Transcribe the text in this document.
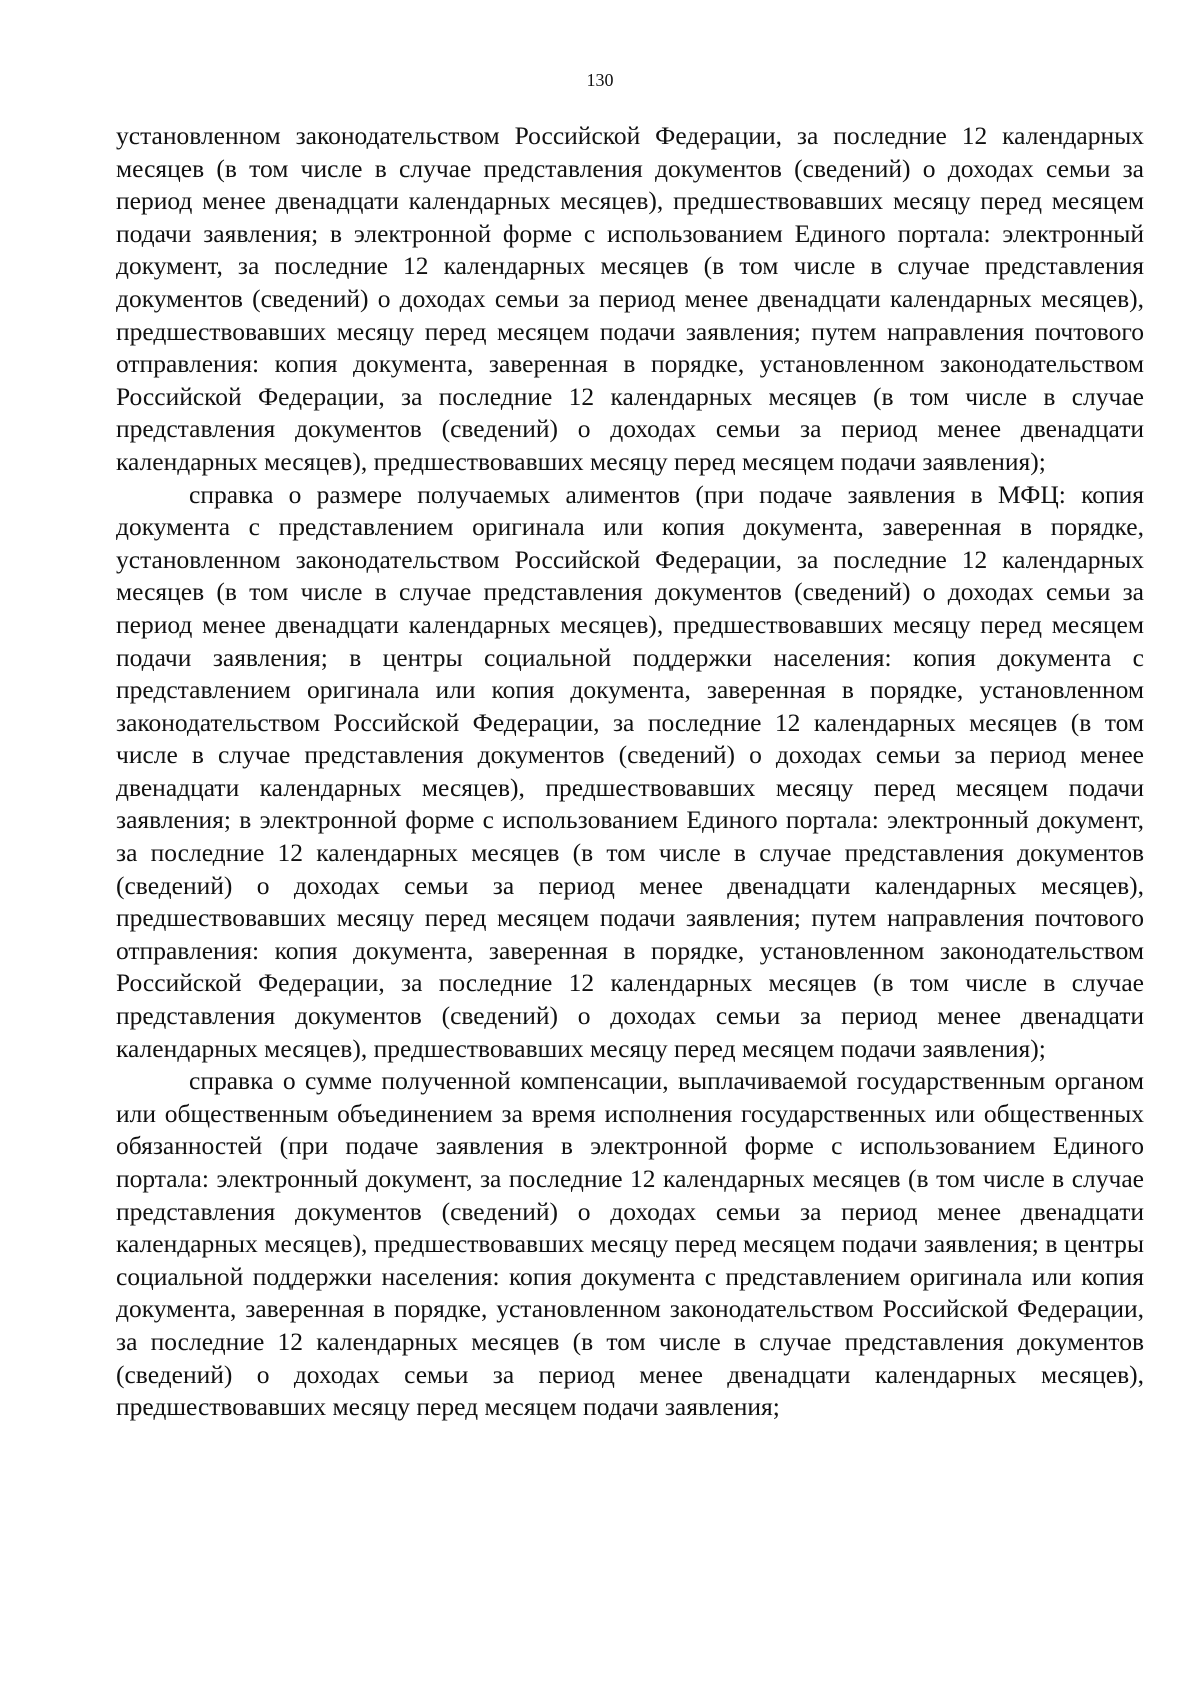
130

установленном законодательством Российской Федерации, за последние 12 календарных месяцев (в том числе в случае представления документов (сведений) о доходах семьи за период менее двенадцати календарных месяцев), предшествовавших месяцу перед месяцем подачи заявления; в электронной форме с использованием Единого портала: электронный документ, за последние 12 календарных месяцев (в том числе в случае представления документов (сведений) о доходах семьи за период менее двенадцати календарных месяцев), предшествовавших месяцу перед месяцем подачи заявления; путем направления почтового отправления: копия документа, заверенная в порядке, установленном законодательством Российской Федерации, за последние 12 календарных месяцев (в том числе в случае представления документов (сведений) о доходах семьи за период менее двенадцати календарных месяцев), предшествовавших месяцу перед месяцем подачи заявления);

справка о размере получаемых алиментов (при подаче заявления в МФЦ: копия документа с представлением оригинала или копия документа, заверенная в порядке, установленном законодательством Российской Федерации, за последние 12 календарных месяцев (в том числе в случае представления документов (сведений) о доходах семьи за период менее двенадцати календарных месяцев), предшествовавших месяцу перед месяцем подачи заявления; в центры социальной поддержки населения: копия документа с представлением оригинала или копия документа, заверенная в порядке, установленном законодательством Российской Федерации, за последние 12 календарных месяцев (в том числе в случае представления документов (сведений) о доходах семьи за период менее двенадцати календарных месяцев), предшествовавших месяцу перед месяцем подачи заявления; в электронной форме с использованием Единого портала: электронный документ, за последние 12 календарных месяцев (в том числе в случае представления документов (сведений) о доходах семьи за период менее двенадцати календарных месяцев), предшествовавших месяцу перед месяцем подачи заявления; путем направления почтового отправления: копия документа, заверенная в порядке, установленном законодательством Российской Федерации, за последние 12 календарных месяцев (в том числе в случае представления документов (сведений) о доходах семьи за период менее двенадцати календарных месяцев), предшествовавших месяцу перед месяцем подачи заявления);

справка о сумме полученной компенсации, выплачиваемой государственным органом или общественным объединением за время исполнения государственных или общественных обязанностей (при подаче заявления в электронной форме с использованием Единого портала: электронный документ, за последние 12 календарных месяцев (в том числе в случае представления документов (сведений) о доходах семьи за период менее двенадцати календарных месяцев), предшествовавших месяцу перед месяцем подачи заявления; в центры социальной поддержки населения: копия документа с представлением оригинала или копия документа, заверенная в порядке, установленном законодательством Российской Федерации, за последние 12 календарных месяцев (в том числе в случае представления документов (сведений) о доходах семьи за период менее двенадцати календарных месяцев), предшествовавших месяцу перед месяцем подачи заявления;
